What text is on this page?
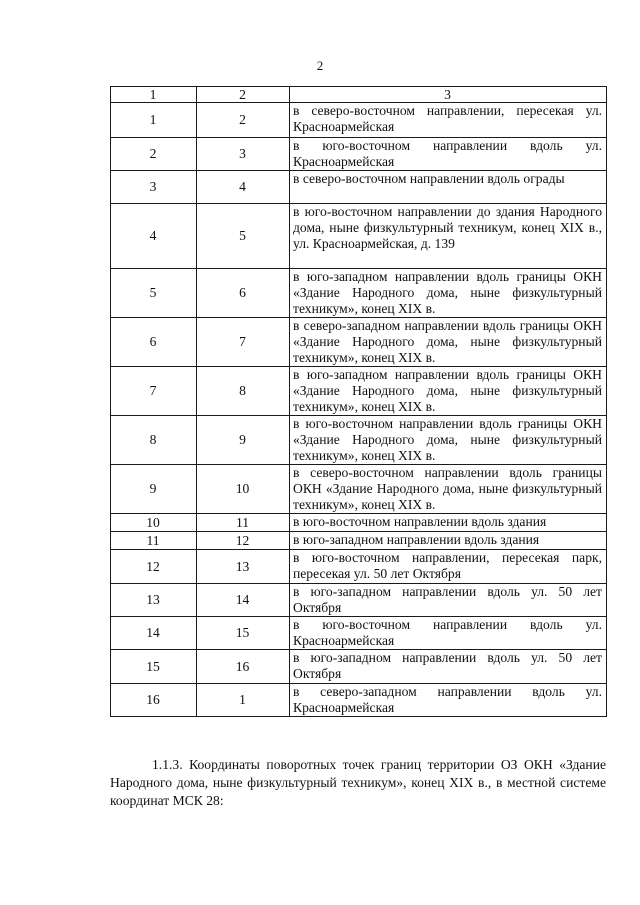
2
1	2	3
1	2	в северо-восточном направлении, пересекая ул. Красноармейская
2	3	в юго-восточном направлении вдоль ул. Красноармейская
3	4	в северо-восточном направлении вдоль ограды
4	5	в юго-восточном направлении до здания Народного дома, ныне физкультурный техникум, конец XIX в., ул. Красноармейская, д. 139
5	6	в юго-западном направлении вдоль границы ОКН «Здание Народного дома, ныне физкультурный техникум», конец XIX в.
6	7	в северо-западном направлении вдоль границы ОКН «Здание Народного дома, ныне физкультурный техникум», конец XIX в.
7	8	в юго-западном направлении вдоль границы ОКН «Здание Народного дома, ныне физкультурный техникум», конец XIX в.
8	9	в юго-восточном направлении вдоль границы ОКН «Здание Народного дома, ныне физкультурный техникум», конец XIX в.
9	10	в северо-восточном направлении вдоль границы ОКН «Здание Народного дома, ныне физкультурный техникум», конец XIX в.
10	11	в юго-восточном направлении вдоль здания
11	12	в юго-западном направлении вдоль здания
12	13	в юго-восточном направлении, пересекая парк, пересекая ул. 50 лет Октября
13	14	в юго-западном направлении вдоль ул. 50 лет Октября
14	15	в юго-восточном направлении вдоль ул. Красноармейская
15	16	в юго-западном направлении вдоль ул. 50 лет Октября
16	1	в северо-западном направлении вдоль ул. Красноармейская

1.1.3. Координаты поворотных точек границ территории ОЗ ОКН «Здание Народного дома, ныне физкультурный техникум», конец XIX в., в местной системе координат МСК 28:
